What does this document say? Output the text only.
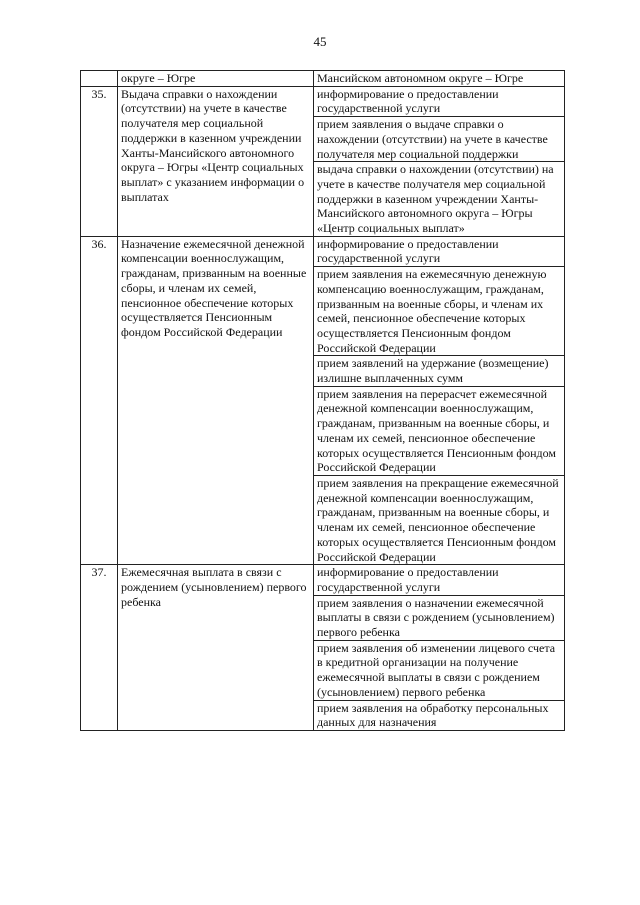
45
	округе – Югре	Мансийском автономном округе – Югре
35.	Выдача справки о нахождении (отсутствии) на учете в качестве получателя мер социальной поддержки в казенном учреждении Ханты-Мансийского автономного округа – Югры «Центр социальных выплат» с указанием информации о выплатах	информирование о предоставлении государственной услуги
		прием заявления о выдаче справки о нахождении (отсутствии) на учете в качестве получателя мер социальной поддержки
		выдача справки о нахождении (отсутствии) на учете в качестве получателя мер социальной поддержки в казенном учреждении Ханты-Мансийского автономного округа – Югры «Центр социальных выплат»
36.	Назначение ежемесячной денежной компенсации военнослужащим, гражданам, призванным на военные сборы, и членам их семей, пенсионное обеспечение которых осуществляется Пенсионным фондом Российской Федерации	информирование о предоставлении государственной услуги
		прием заявления на ежемесячную денежную компенсацию военнослужащим, гражданам, призванным на военные сборы, и членам их семей, пенсионное обеспечение которых осуществляется Пенсионным фондом Российской Федерации
		прием заявлений на удержание (возмещение) излишне выплаченных сумм
		прием заявления на перерасчет ежемесячной денежной компенсации военнослужащим, гражданам, призванным на военные сборы, и членам их семей, пенсионное обеспечение которых осуществляется Пенсионным фондом Российской Федерации
		прием заявления на прекращение ежемесячной денежной компенсации военнослужащим, гражданам, призванным на военные сборы, и членам их семей, пенсионное обеспечение которых осуществляется Пенсионным фондом Российской Федерации
37.	Ежемесячная выплата в связи с рождением (усыновлением) первого ребенка	информирование о предоставлении государственной услуги
		прием заявления о назначении ежемесячной выплаты в связи с рождением (усыновлением) первого ребенка
		прием заявления об изменении лицевого счета в кредитной организации на получение ежемесячной выплаты в связи с рождением (усыновлением) первого ребенка
		прием заявления на обработку персональных данных для назначения
